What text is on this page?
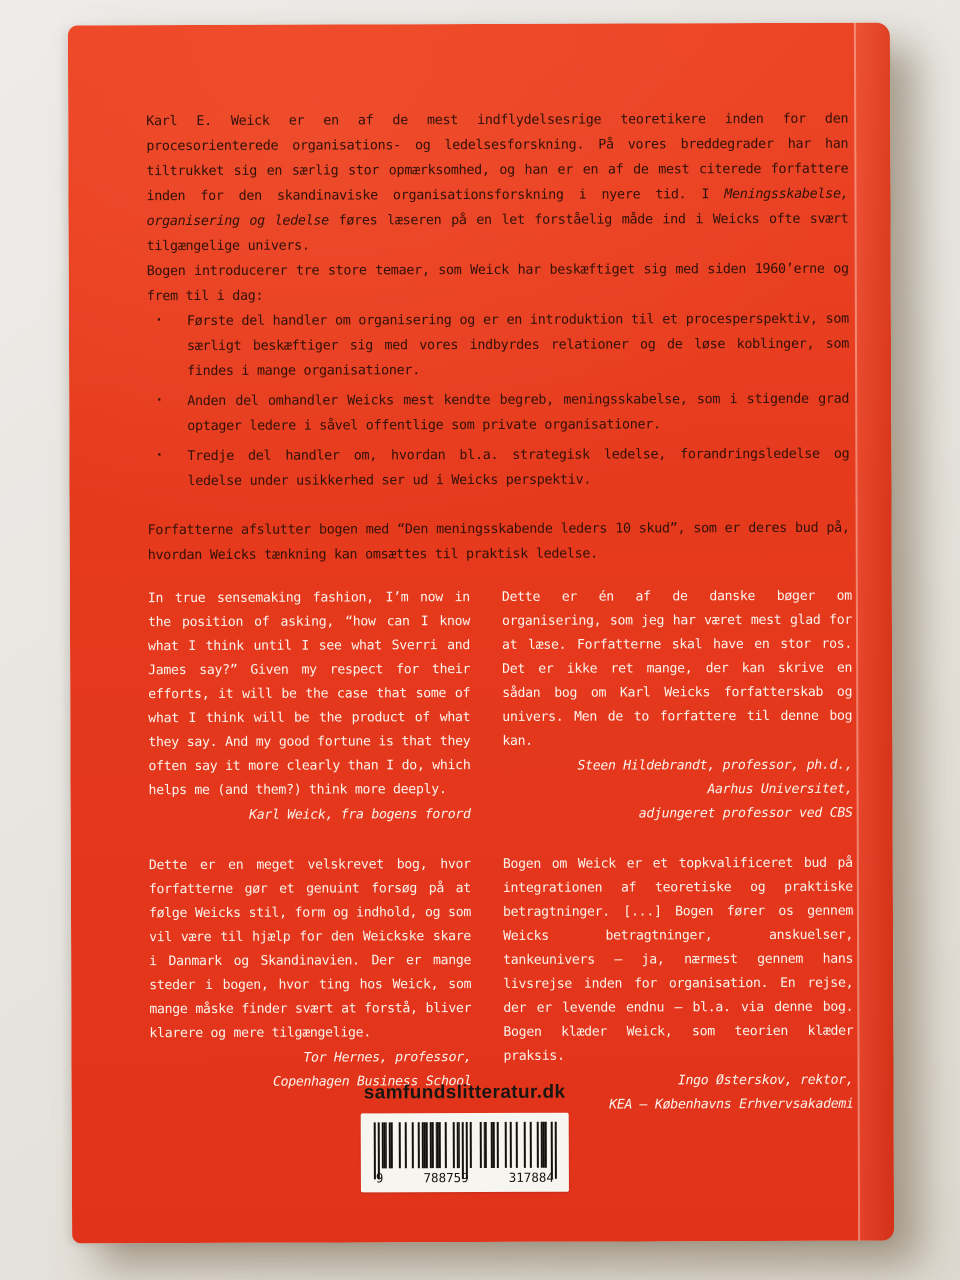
Karl E. Weick er en af de mest indflydelsesrige teoretikere inden for den procesorienterede organisations- og ledelsesforskning. På vores breddegrader har han tiltrukket sig en særlig stor opmærksomhed, og han er en af de mest citerede forfattere inden for den skandinaviske organisationsforskning i nyere tid. I Meningsskabelse, organisering og ledelse føres læseren på en let forståelig måde ind i Weicks ofte svært tilgængelige univers.

Bogen introducerer tre store temaer, som Weick har beskæftiget sig med siden 1960’erne og frem til i dag:

· Første del handler om organisering og er en introduktion til et procesperspektiv, som særligt beskæftiger sig med vores indbyrdes relationer og de løse koblinger, som findes i mange organisationer.
· Anden del omhandler Weicks mest kendte begreb, meningsskabelse, som i stigende grad optager ledere i såvel offentlige som private organisationer.
· Tredje del handler om, hvordan bl.a. strategisk ledelse, forandringsledelse og ledelse under usikkerhed ser ud i Weicks perspektiv.

Forfatterne afslutter bogen med “Den meningsskabende leders 10 skud”, som er deres bud på, hvordan Weicks tænkning kan omsættes til praktisk ledelse.

In true sensemaking fashion, I’m now in the position of asking, “how can I know what I think until I see what Sverri and James say?” Given my respect for their efforts, it will be the case that some of what I think will be the product of what they say. And my good fortune is that they often say it more clearly than I do, which helps me (and them?) think more deeply.

Karl Weick, fra bogens forord

Dette er én af de danske bøger om organisering, som jeg har været mest glad for at læse. Forfatterne skal have en stor ros. Det er ikke ret mange, der kan skrive en sådan bog om Karl Weicks forfatterskab og univers. Men de to forfattere til denne bog kan.

Steen Hildebrandt, professor, ph.d.,
Aarhus Universitet,
adjungeret professor ved CBS

Dette er en meget velskrevet bog, hvor forfatterne gør et genuint forsøg på at følge Weicks stil, form og indhold, og som vil være til hjælp for den Weickske skare i Danmark og Skandinavien. Der er mange steder i bogen, hvor ting hos Weick, som mange måske finder svært at forstå, bliver klarere og mere tilgængelige.

Tor Hernes, professor,
Copenhagen Business School

Bogen om Weick er et topkvalificeret bud på integrationen af teoretiske og praktiske betragtninger. [...] Bogen fører os gennem Weicks betragtninger, anskuelser, tankeunivers — ja, nærmest gennem hans livsrejse inden for organisation. En rejse, der er levende endnu — bl.a. via denne bog. Bogen klæder Weick, som teorien klæder praksis.

Ingo Østerskov, rektor,
KEA — Københavns Erhvervsakademi
samfundslitteratur.dk
9	788759	317884
